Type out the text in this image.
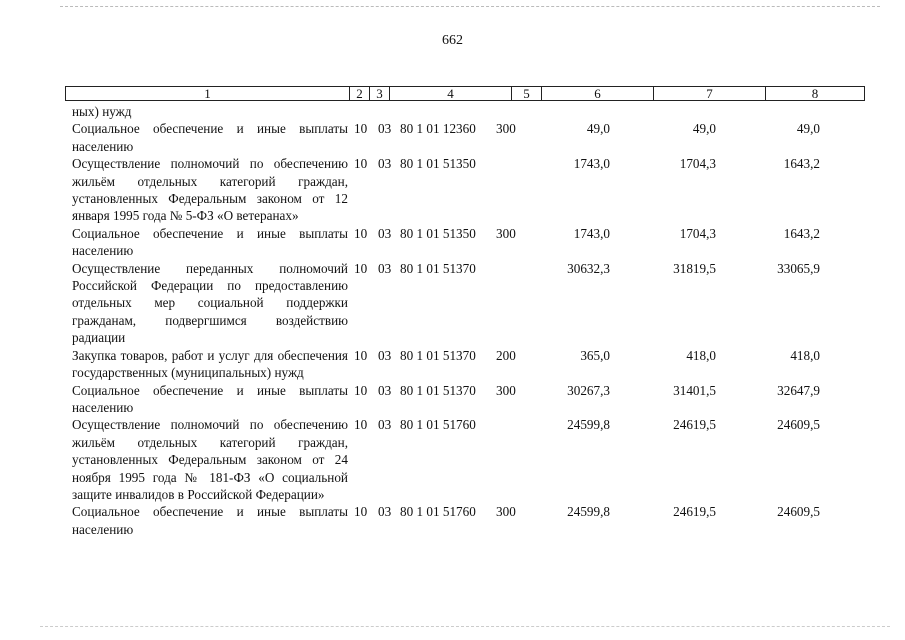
662
1	2	3	4	5	6	7	8
ных) нужд
Социальное обеспечение и иные выплаты населению
10 03 80 1 01 12360	300	49,0	49,0	49,0
Осуществление полномочий по обеспечению жильём отдельных категорий граждан, установленных Федеральным законом от 12 января 1995 года № 5-ФЗ «О ветеранах»
10 03 80 1 01 51350	1743,0	1704,3	1643,2
Социальное обеспечение и иные выплаты населению
10 03 80 1 01 51350	300	1743,0	1704,3	1643,2
Осуществление переданных полномочий Российской Федерации по предоставлению отдельных мер социальной поддержки гражданам, подвергшимся воздействию радиации
10 03 80 1 01 51370	30632,3	31819,5	33065,9
Закупка товаров, работ и услуг для обеспечения государственных (муниципальных) нужд
10 03 80 1 01 51370	200	365,0	418,0	418,0
Социальное обеспечение и иные выплаты населению
10 03 80 1 01 51370	300	30267,3	31401,5	32647,9
Осуществление полномочий по обеспечению жильём отдельных категорий граждан, установленных Федеральным законом от 24 ноября 1995 года № 181-ФЗ «О социальной защите инвалидов в Российской Федерации»
10 03 80 1 01 51760	24599,8	24619,5	24609,5
Социальное обеспечение и иные выплаты населению
10 03 80 1 01 51760	300	24599,8	24619,5	24609,5
